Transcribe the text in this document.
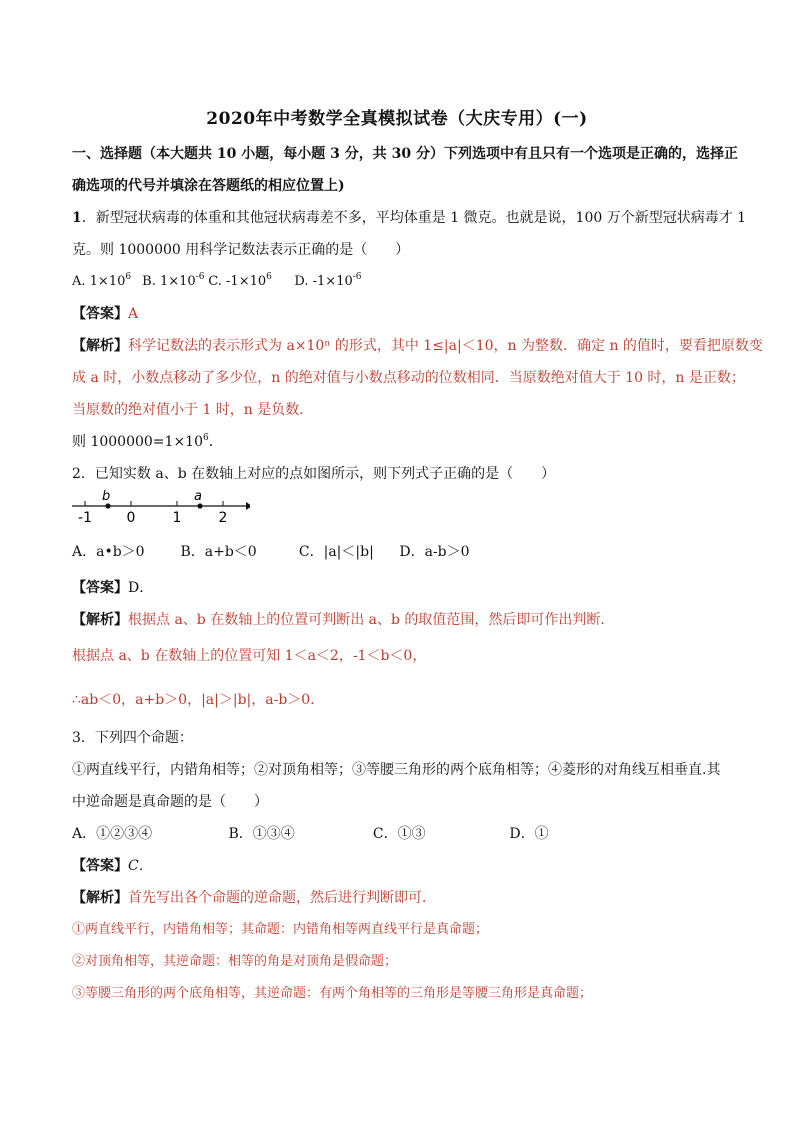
2020年中考数学全真模拟试卷（大庆专用）(一)
一、选择题（本大题共 10 小题，每小题 3 分，共 30 分）下列选项中有且只有一个选项是正确的，选择正
确选项的代号并填涂在答题纸的相应位置上)
1．新型冠状病毒的体重和其他冠状病毒差不多，平均体重是 1 微克。也就是说，100 万个新型冠状病毒才 1
克。则 1000000 用科学记数法表示正确的是（　　）
A. $1\times 10^6$ B. $1\times 10^{-6}$ C. $-1\times 10^6$ D. $-1\times 10^{-6}$
【答案】A
【解析】科学记数法的表示形式为 a×10ⁿ 的形式，其中 1≤|a|＜10，n 为整数．确定 n 的值时，要看把原数变
成 a 时，小数点移动了多少位，n 的绝对值与小数点移动的位数相同．当原数绝对值大于 10 时，n 是正数；
当原数的绝对值小于 1 时，n 是负数．
则 $1000000=1\times 10^6$．
2．已知实数 a、b 在数轴上对应的点如图所示，则下列式子正确的是（　　）
-1 0	1	2
b	a
A．a•b＞0	B．a+b＜0	C．|a|＜|b| D．a-b＞0
【答案】D．
【解析】根据点 a、b 在数轴上的位置可判断出 a、b 的取值范围，然后即可作出判断．
根据点 a、b 在数轴上的位置可知 1＜a＜2，-1＜b＜0，
∴ab＜0，a+b＞0，|a|＞|b|，a-b＞0．
3．下列四个命题：
①两直线平行，内错角相等；②对顶角相等；③等腰三角形的两个底角相等；④菱形的对角线互相垂直.其
中逆命题是真命题的是（　　）
A．①②③④	B．①③④	C．①③	D．①
【答案】C．
【解析】首先写出各个命题的逆命题，然后进行判断即可．
①两直线平行，内错角相等；其命题：内错角相等两直线平行是真命题；
②对顶角相等，其逆命题：相等的角是对顶角是假命题；
③等腰三角形的两个底角相等，其逆命题：有两个角相等的三角形是等腰三角形是真命题；
